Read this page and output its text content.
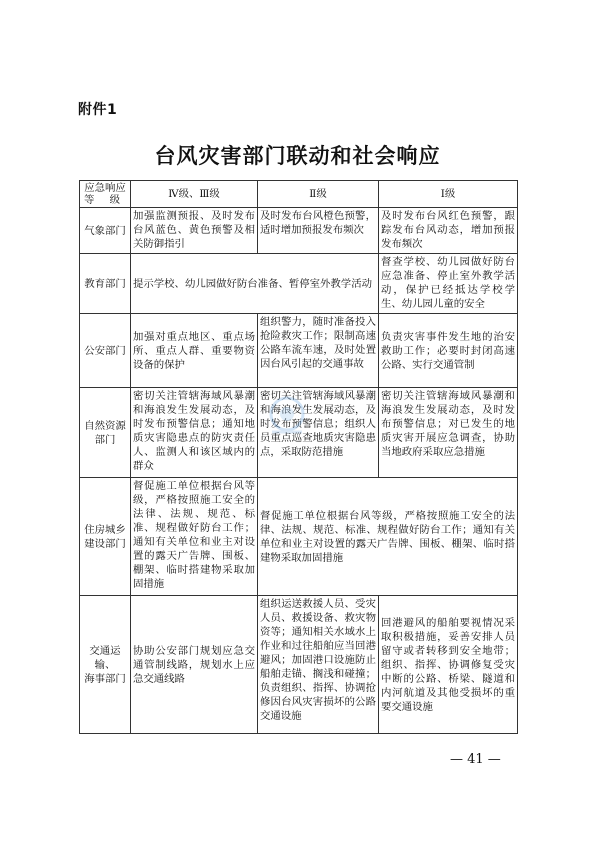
附件1
台风灾害部门联动和社会响应
应急响应
等 级	Ⅳ级、Ⅲ级	Ⅱ级	Ⅰ级
气象部门	加强监测预报、及时发布台风蓝色、黄色预警及相关防御指引	及时发布台风橙色预警，适时增加预报发布频次	及时发布台风红色预警，跟踪发布台风动态，增加预报发布频次
教育部门	提示学校、幼儿园做好防台准备、暂停室外教学活动		督查学校、幼儿园做好防台应急准备、停止室外教学活动，保护已经抵达学校学生、幼儿园儿童的安全
公安部门	加强对重点地区、重点场所、重点人群、重要物资设备的保护	组织警力，随时准备投入抢险救灾工作；限制高速公路车流车速，及时处置因台风引起的交通事故	负责灾害事件发生地的治安救助工作；必要时封闭高速公路、实行交通管制

自然资源
部门	密切关注管辖海域风暴潮和海浪发生发展动态，及时发布预警信息；通知地质灾害隐患点的防灾责任人、监测人和该区域内的群众	密切关注管辖海域风暴潮和海浪发生发展动态，及时发布预警信息；组织人员重点巡查地质灾害隐患点，采取防范措施	密切关注管辖海域风暴潮和海浪发生发展动态，及时发布预警信息；对已发生的地质灾害开展应急调查，协助当地政府采取应急措施

住房城乡
建设部门	督促施工单位根据台风等级，严格按照施工安全的法律、法规、规范、标准、规程做好防台工作；通知有关单位和业主对设置的露天广告牌、围板、棚架、临时搭建物采取加固措施	督促施工单位根据台风等级，严格按照施工安全的法律、法规、规范、标准、规程做好防台工作；通知有关单位和业主对设置的露天广告牌、围板、棚架、临时搭建物采取加固措施	

交通运输、
海事部门	协助公安部门规划应急交通管制线路，规划水上应急交通线路	组织运送救援人员、受灾人员、救援设备、救灾物资等；通知相关水域水上作业和过往船舶应当回港避风；加固港口设施防止船舶走锚、搁浅和碰撞；负责组织、指挥、协调抢修因台风灾害损坏的公路交通设施	回港避风的船舶要视情况采取积极措施，妥善安排人员留守或者转移到安全地带；组织、指挥、协调修复受灾中断的公路、桥梁、隧道和内河航道及其他受损坏的重要交通设施
— 41 —
